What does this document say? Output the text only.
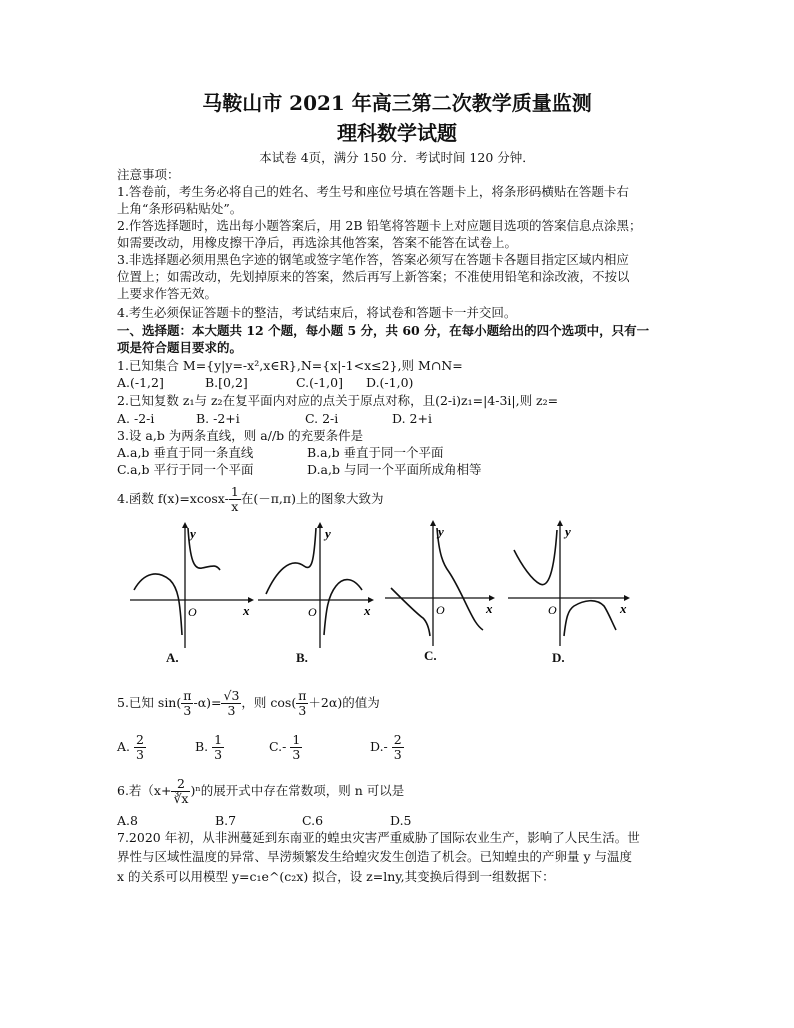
马鞍山市 2021 年高三第二次教学质量监测
理科数学试题
本试卷 4页，满分 150 分．考试时间 120 分钟．
注意事项：
1.答卷前，考生务必将自己的姓名、考生号和座位号填在答题卡上，将条形码横贴在答题卡右
上角“条形码粘贴处”。
2.作答选择题时，选出每小题答案后，用 2B 铅笔将答题卡上对应题目选项的答案信息点涂黑；
如需要改动，用橡皮擦干净后，再选涂其他答案，答案不能答在试卷上。
3.非选择题必须用黑色字迹的钢笔或签字笔作答，答案必须写在答题卡各题目指定区域内相应
位置上；如需改动，先划掉原来的答案，然后再写上新答案；不准使用铅笔和涂改液，不按以
上要求作答无效。
4.考生必须保证答题卡的整洁，考试结束后，将试卷和答题卡一并交回。
一、选择题：本大题共 12 个题，每小题 5 分，共 60 分，在每小题给出的四个选项中，只有一
项是符合题目要求的。
1.已知集合 M={y|y=-x²,x∈R},N={x|-1<x≤2},则 M∩N=
A.(-1,2]	B.[0,2]	C.(-1,0] D.(-1,0)
2.已知复数 z₁与 z₂在复平面内对应的点关于原点对称，且(2-i)z₁=|4-3i|,则 z₂=
A. -2-i	B. -2+i	C. 2-i	D. 2+i
3.设 a,b 为两条直线，则 a//b 的充要条件是
A.a,b 垂直于同一条直线	B.a,b 垂直于同一个平面
C.a,b 平行于同一个平面	D.a,b 与同一个平面所成角相等
4.函数 $f(x)=xcosx- \frac{1}{x}$ 在(－π,π)上的图象大致为
y
x
O
A.
y
x
O
B.
y
x
O
C.
y
x
O
D.
5.已知 $\sin( \frac{\pi}{3} -\alpha)= \frac{√3}{3}$ ，则 $\cos( \frac{\pi}{3} +2\alpha)$的值为
A. $\frac{2}{3}$	B. $\frac{1}{3}$	$C.- \frac{1}{3}$	$D.- \frac{2}{3}$
6.若$(x+ \frac{2}{∛x} )^n$的展开式中存在常数项，则 n 可以是
A.8	B.7	C.6	D.5
7.2020 年初，从非洲蔓延到东南亚的蝗虫灾害严重威胁了国际农业生产，影响了人民生活。世
界性与区域性温度的异常、旱涝频繁发生给蝗灾发生创造了机会。已知蝗虫的产卵量 y 与温度
x 的关系可以用模型 y=c₁e^(c₂x) 拟合，设 z=lny,其变换后得到一组数据下：
